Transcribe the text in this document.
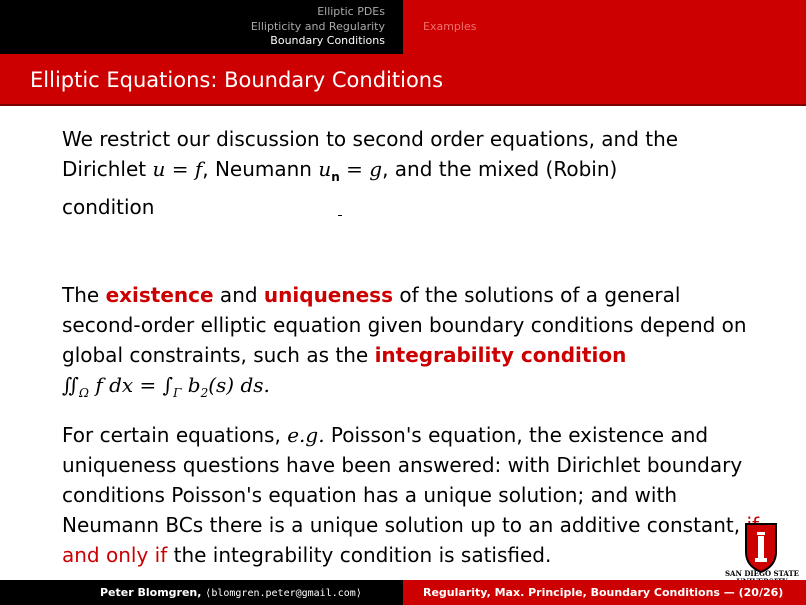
Elliptic PDEs
Ellipticity and Regularity
Boundary Conditions
Examples
Elliptic Equations: Boundary Conditions

We restrict our discussion to second order equations, and the
Dirichlet u = f, Neumann $u_n = g$, and the mixed (Robin)
condition

The existence and uniqueness of the solutions of a general second-order elliptic equation given boundary conditions depend on global constraints, such as the integrability condition
$∬_\Omega$ f dx = $\int_\Gamma$ $b_2(s)$ ds.

For certain equations, e.g. Poisson's equation, the existence and uniqueness questions have been answered: with Dirichlet boundary conditions Poisson's equation has a unique solution; and with Neumann BCs there is a unique solution up to an additive constant, and only if the integrability condition is satisfied.

SAN DIEGO STATE

Peter Blomgren, ⟨blomgren.peter@gmail.com⟩	Regularity, Max. Principle, Boundary Conditions — (20/26)
